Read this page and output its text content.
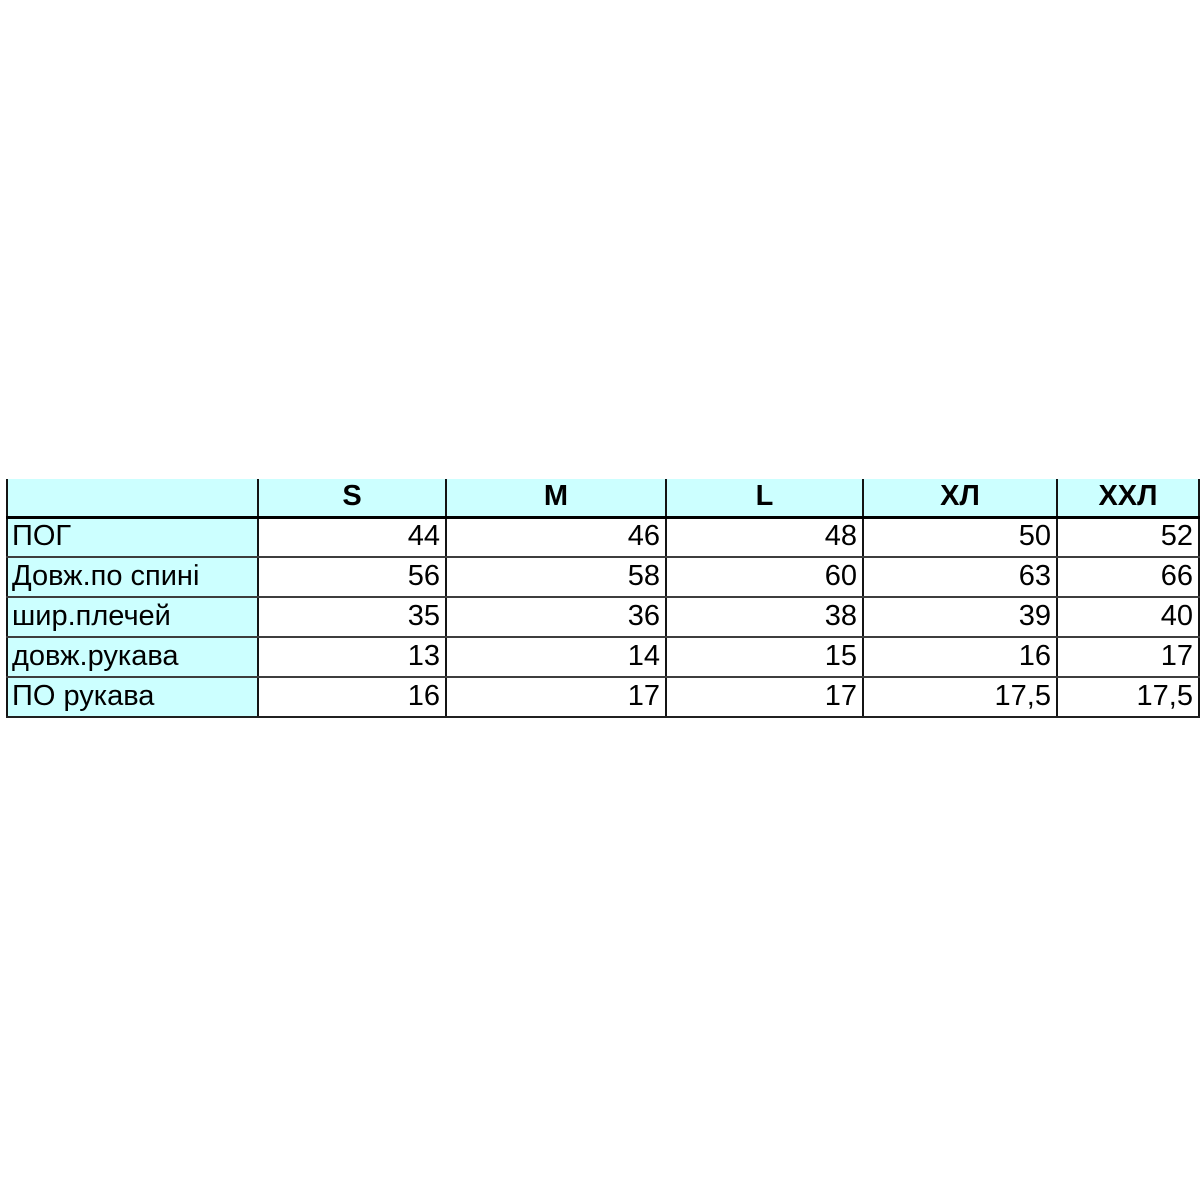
	S	M	L	ХЛ	ХХЛ
ПОГ	44	46	48	50	52
Довж.по спині	56	58	60	63	66
шир.плечей	35	36	38	39	40
довж.рукава	13	14	15	16	17
ПО рукава	16	17	17	17,5	17,5
